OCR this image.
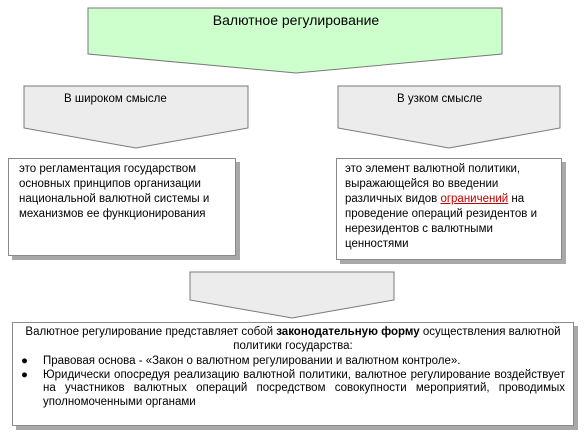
Валютное регулирование
В широком смысле	В узком смысле
это регламентация государством основных принципов организации национальной валютной системы и механизмов ее функционирования
это элемент валютной политики, выражающейся во введении различных видов ограничений на проведение операций резидентов и нерезидентов с валютными ценностями
Валютное регулирование представляет собой законодательную форму осуществления валютной политики государства:
● Правовая основа - «Закон о валютном регулировании и валютном контроле».
● Юридически опосредуя реализацию валютной политики, валютное регулирование воздействует на участников валютных операций посредством совокупности мероприятий, проводимых уполномоченными органами
